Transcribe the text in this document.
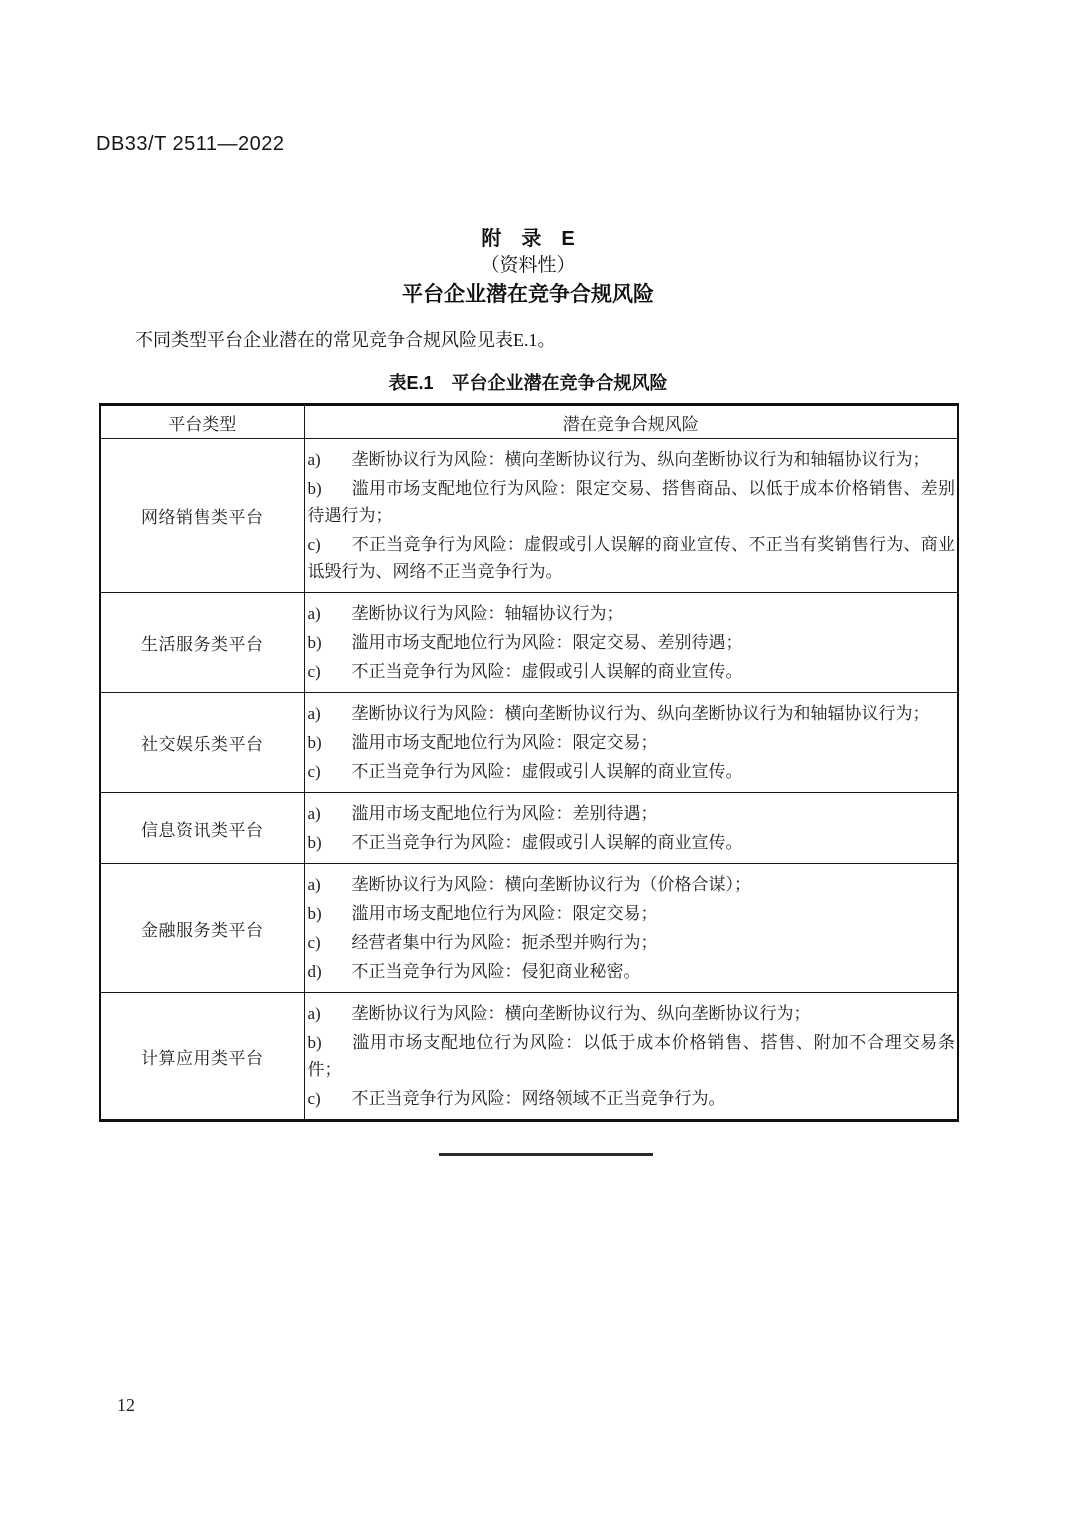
DB33/T 2511—2022
附　录　E
（资料性）
平台企业潜在竞争合规风险

不同类型平台企业潜在的常见竞争合规风险见表E.1。

表E.1　平台企业潜在竞争合规风险
平台类型	潜在竞争合规风险
网络销售类平台	a) 垄断协议行为风险：横向垄断协议行为、纵向垄断协议行为和轴辐协议行为；
b) 滥用市场支配地位行为风险：限定交易、搭售商品、以低于成本价格销售、差别待遇行为；
c) 不正当竞争行为风险：虚假或引人误解的商业宣传、不正当有奖销售行为、商业诋毁行为、网络不正当竞争行为。

生活服务类平台	a) 垄断协议行为风险：轴辐协议行为；
b) 滥用市场支配地位行为风险：限定交易、差别待遇；
c) 不正当竞争行为风险：虚假或引人误解的商业宣传。

社交娱乐类平台	a) 垄断协议行为风险：横向垄断协议行为、纵向垄断协议行为和轴辐协议行为；
b) 滥用市场支配地位行为风险：限定交易；
c) 不正当竞争行为风险：虚假或引人误解的商业宣传。

信息资讯类平台	a) 滥用市场支配地位行为风险：差别待遇；
b) 不正当竞争行为风险：虚假或引人误解的商业宣传。

金融服务类平台	a) 垄断协议行为风险：横向垄断协议行为（价格合谋）；
b) 滥用市场支配地位行为风险：限定交易；
c) 经营者集中行为风险：扼杀型并购行为；
d) 不正当竞争行为风险：侵犯商业秘密。

计算应用类平台	a) 垄断协议行为风险：横向垄断协议行为、纵向垄断协议行为；
b) 滥用市场支配地位行为风险：以低于成本价格销售、搭售、附加不合理交易条件；
c) 不正当竞争行为风险：网络领域不正当竞争行为。
12
